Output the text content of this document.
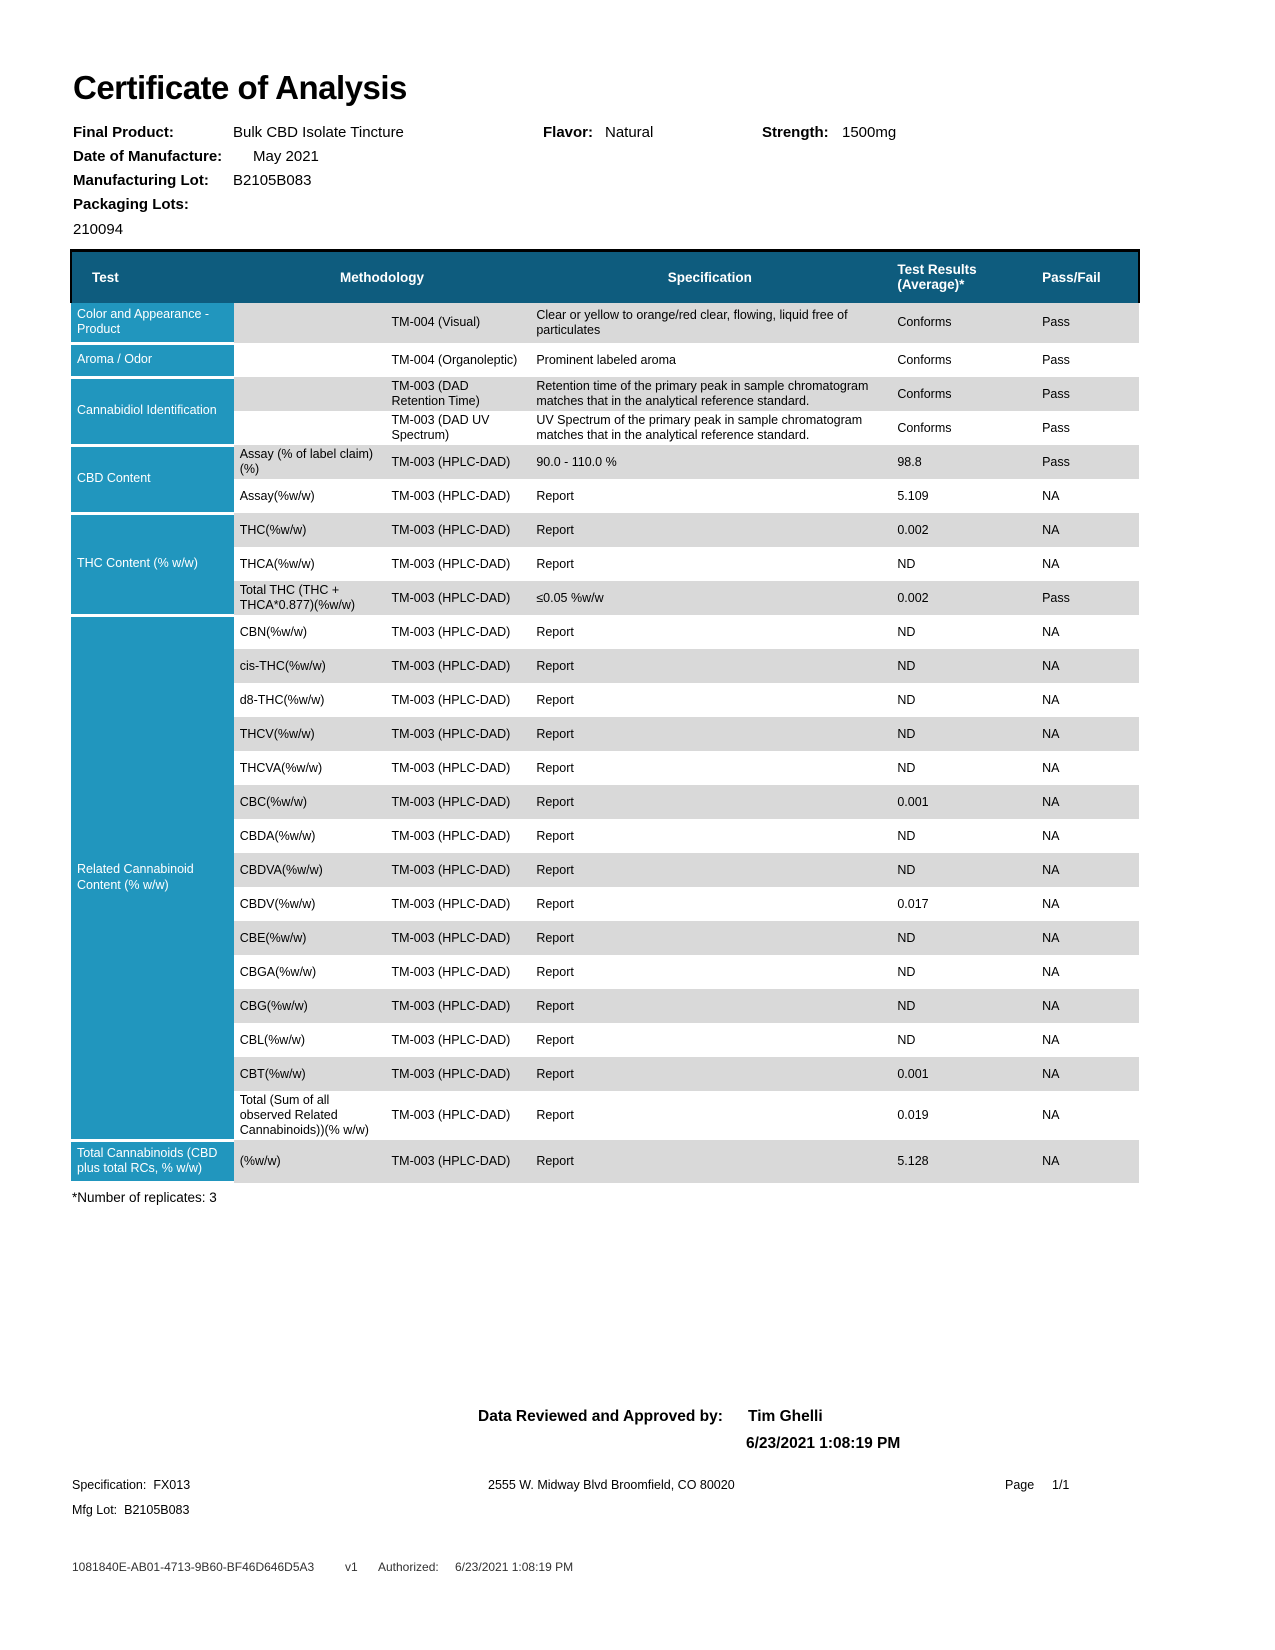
Certificate of Analysis
Final Product:	Bulk CBD Isolate Tincture	Flavor: Natural	Strength: 1500mg
Date of Manufacture:	May 2021
Manufacturing Lot:	B2105B083
Packaging Lots:
210094
Test	Methodology		Specification	Test Results (Average)*	Pass/Fail
Color and Appearance - Product		TM-004 (Visual)	Clear or yellow to orange/red clear, flowing, liquid free of particulates	Conforms	Pass
Aroma / Odor		TM-004 (Organoleptic)	Prominent labeled aroma	Conforms	Pass
Cannabidiol Identification		TM-003 (DAD Retention Time)	Retention time of the primary peak in sample chromatogram matches that in the analytical reference standard.	Conforms	Pass
		TM-003 (DAD UV Spectrum)	UV Spectrum of the primary peak in sample chromatogram matches that in the analytical reference standard.	Conforms	Pass
CBD Content	Assay (% of label claim)(%)	TM-003 (HPLC-DAD)	90.0 - 110.0 %	98.8	Pass
	Assay(%w/w)	TM-003 (HPLC-DAD)	Report	5.109	NA
THC Content (% w/w)	THC(%w/w)	TM-003 (HPLC-DAD)	Report	0.002	NA
	THCA(%w/w)	TM-003 (HPLC-DAD)	Report	ND	NA
	Total THC (THC + THCA*0.877)(%w/w)	TM-003 (HPLC-DAD)	≤0.05 %w/w	0.002	Pass
Related Cannabinoid Content (% w/w)	CBN(%w/w)	TM-003 (HPLC-DAD)	Report	ND	NA
	cis-THC(%w/w)	TM-003 (HPLC-DAD)	Report	ND	NA
	d8-THC(%w/w)	TM-003 (HPLC-DAD)	Report	ND	NA
	THCV(%w/w)	TM-003 (HPLC-DAD)	Report	ND	NA
	THCVA(%w/w)	TM-003 (HPLC-DAD)	Report	ND	NA
	CBC(%w/w)	TM-003 (HPLC-DAD)	Report	0.001	NA
	CBDA(%w/w)	TM-003 (HPLC-DAD)	Report	ND	NA
	CBDVA(%w/w)	TM-003 (HPLC-DAD)	Report	ND	NA
	CBDV(%w/w)	TM-003 (HPLC-DAD)	Report	0.017	NA
	CBE(%w/w)	TM-003 (HPLC-DAD)	Report	ND	NA
	CBGA(%w/w)	TM-003 (HPLC-DAD)	Report	ND	NA
	CBG(%w/w)	TM-003 (HPLC-DAD)	Report	ND	NA
	CBL(%w/w)	TM-003 (HPLC-DAD)	Report	ND	NA
	CBT(%w/w)	TM-003 (HPLC-DAD)	Report	0.001	NA
	Total (Sum of all observed Related Cannabinoids))(% w/w)	TM-003 (HPLC-DAD)	Report	0.019	NA
Total Cannabinoids (CBD plus total RCs, % w/w)	(%w/w)	TM-003 (HPLC-DAD)	Report	5.128	NA
*Number of replicates: 3
Data Reviewed and Approved by: Tim Ghelli
6/23/2021 1:08:19 PM
Specification: FX013	2555 W. Midway Blvd Broomfield, CO 80020	Page 1/1
Mfg Lot: B2105B083
1081840E-AB01-4713-9B60-BF46D646D5A3	v1 Authorized: 6/23/2021 1:08:19 PM
